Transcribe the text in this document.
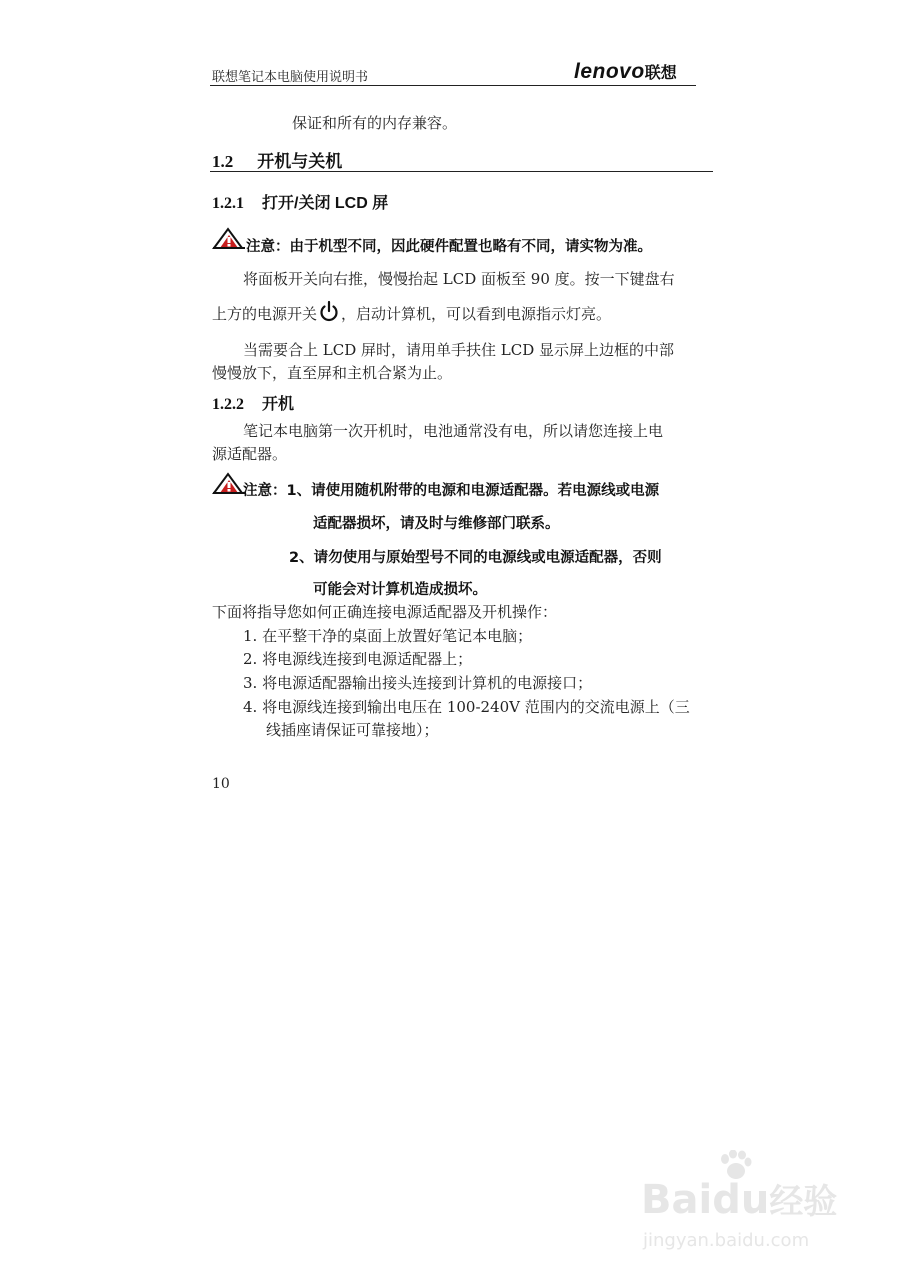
联想笔记本电脑使用说明书	lenovo联想
保证和所有的内存兼容。
1.2 开机与关机
1.2.1 打开/关闭 LCD 屏
注意：由于机型不同，因此硬件配置也略有不同，请实物为准。
将面板开关向右推，慢慢抬起 LCD 面板至 90 度。按一下键盘右
上方的电源开关 ，启动计算机，可以看到电源指示灯亮。
当需要合上 LCD 屏时，请用单手扶住 LCD 显示屏上边框的中部
慢慢放下，直至屏和主机合紧为止。
1.2.2 开机
笔记本电脑第一次开机时，电池通常没有电，所以请您连接上电
源适配器。
注意：1、请使用随机附带的电源和电源适配器。若电源线或电源
适配器损坏，请及时与维修部门联系。
2、请勿使用与原始型号不同的电源线或电源适配器，否则
可能会对计算机造成损坏。
下面将指导您如何正确连接电源适配器及开机操作：
1. 在平整干净的桌面上放置好笔记本电脑；
2. 将电源线连接到电源适配器上；
3. 将电源适配器输出接头连接到计算机的电源接口；
4. 将电源线连接到输出电压在 100-240V 范围内的交流电源上（三
线插座请保证可靠接地）；
10
Baidu经验
jingyan.baidu.com
